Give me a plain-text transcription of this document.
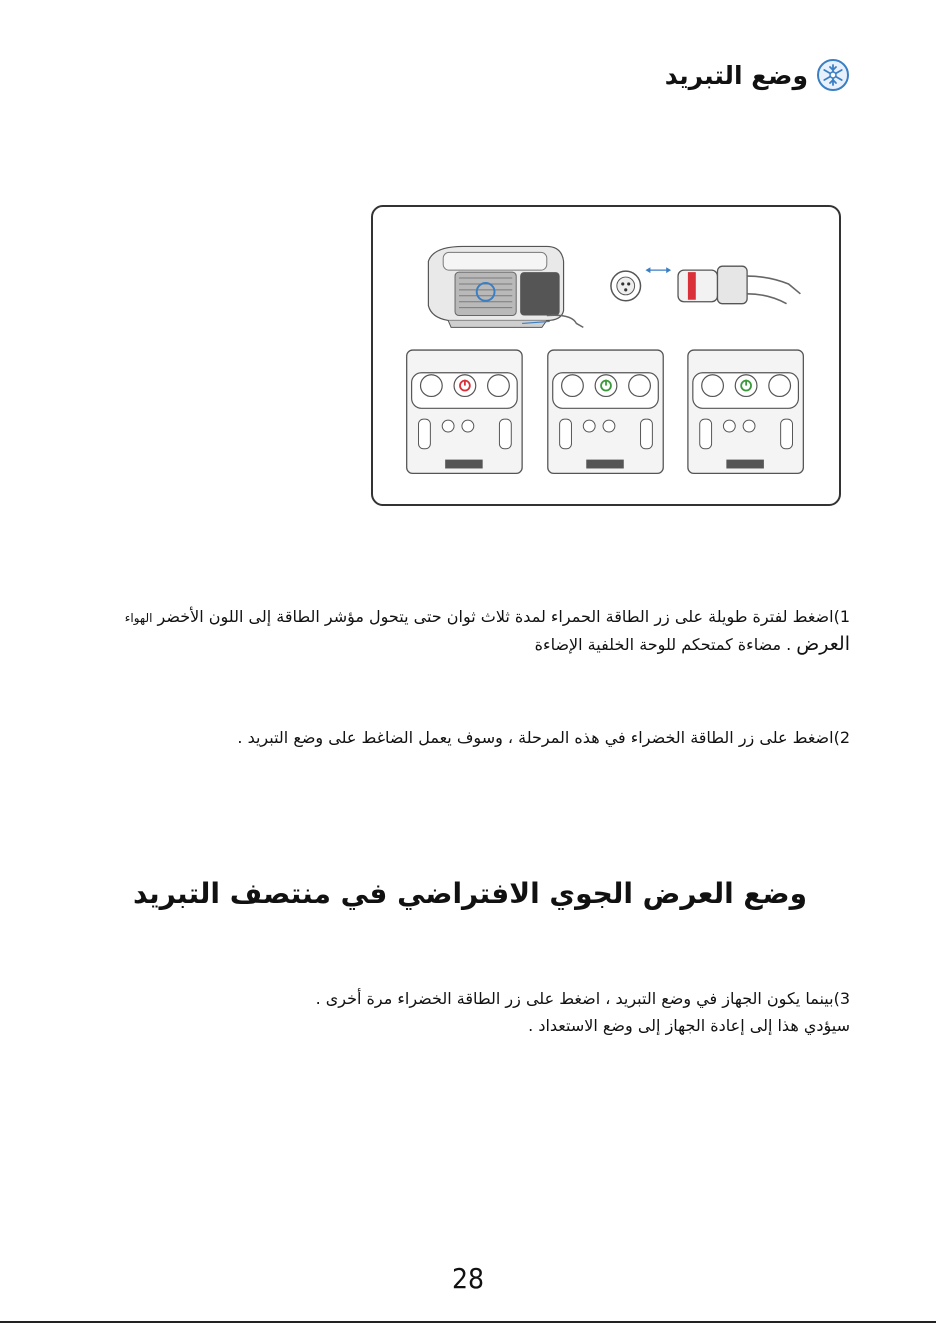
وضع التبريد
1)اضغط لفترة طويلة على زر الطاقة الحمراء لمدة ثلاث ثوان حتى يتحول مؤشر الطاقة إلى اللون الأخضر الهواء
العرض . مضاءة كمتحكم للوحة الخلفية الإضاءة
2)اضغط على زر الطاقة الخضراء في هذه المرحلة ، وسوف يعمل الضاغط على وضع التبريد .
وضع العرض الجوي الافتراضي في منتصف التبريد
3)بينما يكون الجهاز في وضع التبريد ، اضغط على زر الطاقة الخضراء مرة أخرى .
سيؤدي هذا إلى إعادة الجهاز إلى وضع الاستعداد .
28
